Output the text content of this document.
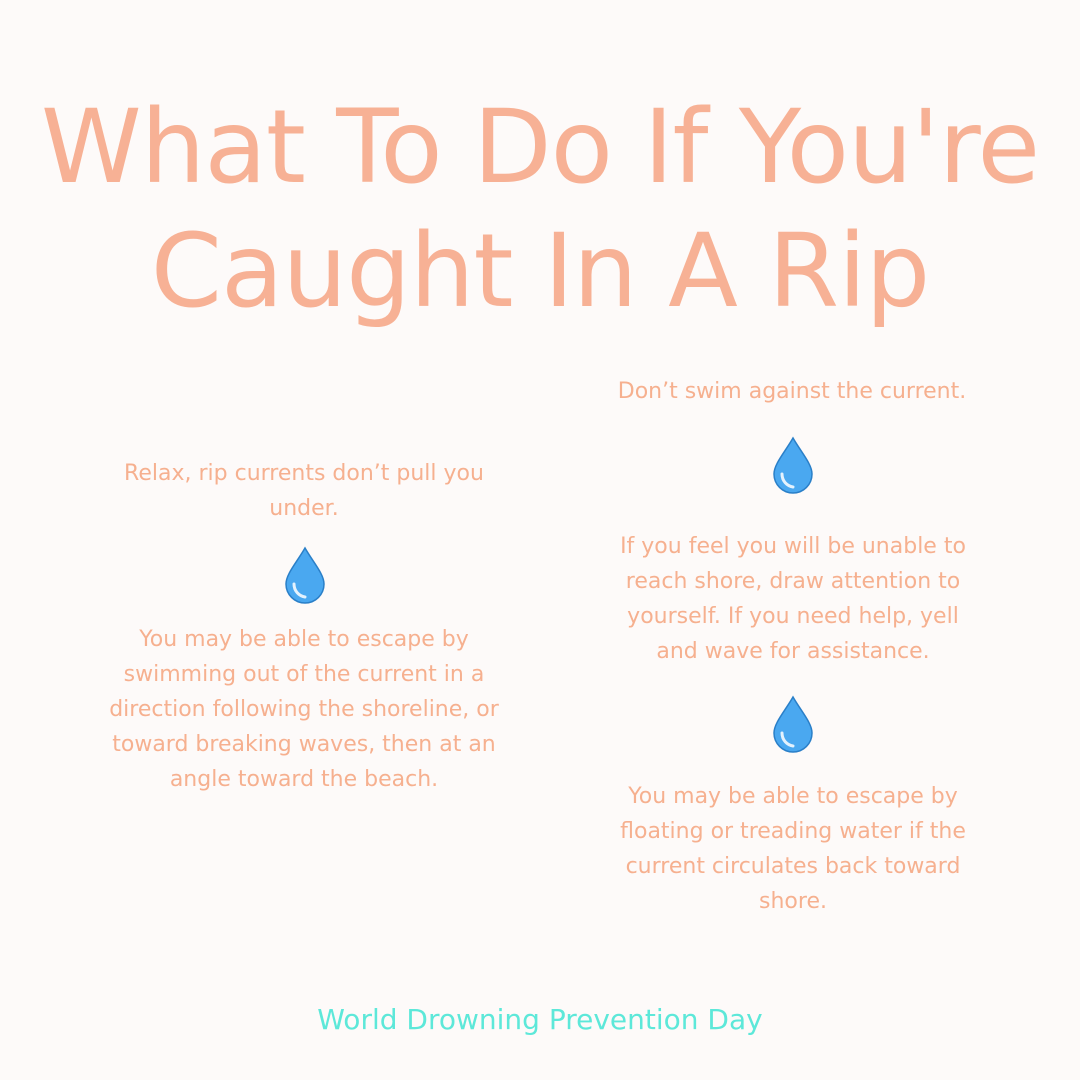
What To Do If You're
Caught In A Rip

Relax, rip currents don’t pull you under.

You may be able to escape by swimming out of the current in a direction following the shoreline, or toward breaking waves, then at an angle toward the beach.

Don’t swim against the current.

If you feel you will be unable to reach shore, draw attention to yourself. If you need help, yell and wave for assistance.

You may be able to escape by floating or treading water if the current circulates back toward shore.

World Drowning Prevention Day
